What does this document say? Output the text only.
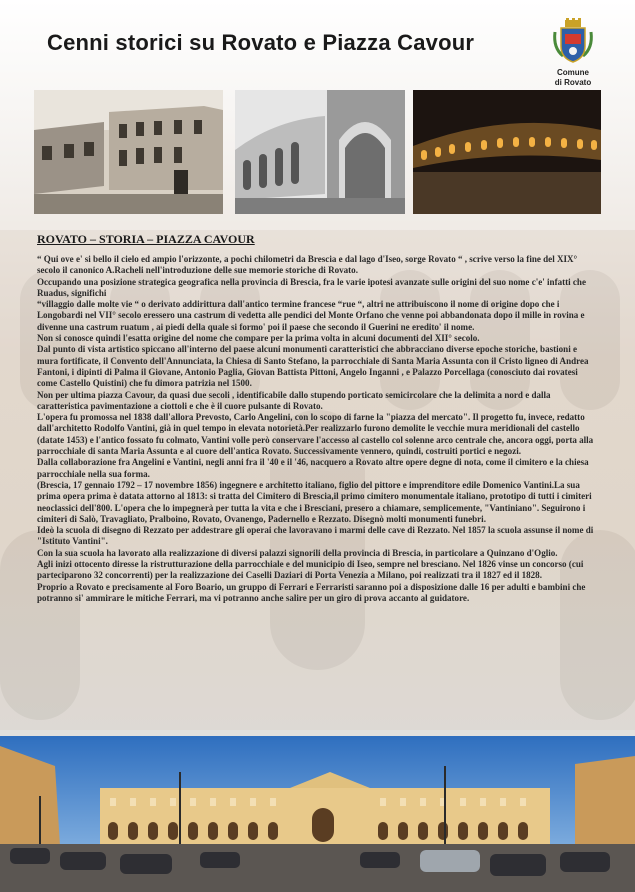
Cenni storici su Rovato e Piazza Cavour
Comune
di Rovato
ROVATO – STORIA – PIAZZA CAVOUR

“ Qui ove e' si bello il cielo ed ampio l'orizzonte, a pochi chilometri da Brescia e dal lago d'Iseo, sorge Rovato “ , scrive verso la fine del XIX° secolo il canonico A.Racheli nell'introduzione delle sue memorie storiche di Rovato.

Occupando una posizione strategica geografica nella provincia di Brescia, fra le varie ipotesi avanzate sulle origini del suo nome c'e' infatti che Ruadus, significhi

“villaggio dalle molte vie “ o derivato addirittura dall'antico termine francese “rue “, altri ne attribuiscono il nome di origine dopo che i Longobardi nel VII° secolo eressero una castrum di vedetta alle pendici del Monte Orfano che venne poi abbandonata dopo il mille in rovina e divenne una castrum ruatum , ai piedi della quale si formo' poi il paese che secondo il Guerini ne eredito' il nome.

Non si conosce quindi l'esatta origine del nome che compare per la prima volta in alcuni documenti del XII° secolo.

Dal punto di vista artistico spiccano all'interno del paese alcuni monumenti caratteristici che abbracciano diverse epoche storiche, bastioni e mura fortificate, il Convento dell'Annunciata, la Chiesa di Santo Stefano, la parrocchiale di Santa Maria Assunta con il Cristo ligneo di Andrea Fantoni, i dipinti di Palma il Giovane, Antonio Paglia, Giovan Battista Pittoni, Angelo Inganni , e Palazzo Porcellaga (conosciuto dai rovatesi come Castello Quistini) che fu dimora patrizia nel 1500.

Non per ultima piazza Cavour, da quasi due secoli , identificabile dallo stupendo porticato semicircolare che la delimita a nord e dalla caratteristica pavimentazione a ciottoli e che è il cuore pulsante di Rovato.

L'opera fu promossa nel 1838 dall'allora Prevosto, Carlo Angelini, con lo scopo di farne la "piazza del mercato". Il progetto fu, invece, redatto dall'architetto Rodolfo Vantini, già in quel tempo in elevata notorietà.Per realizzarlo furono demolite le vecchie mura meridionali del castello (datate 1453) e l'antico fossato fu colmato, Vantini volle però conservare l'accesso al castello col solenne arco centrale che, ancora oggi, porta alla parrocchiale di santa Maria Assunta e al cuore dell'antica Rovato. Successivamente vennero, quindi, costruiti portici e negozi.

Dalla collaborazione fra Angelini e Vantini, negli anni fra il '40 e il '46, nacquero a Rovato altre opere degne di nota, come il cimitero e la chiesa parrocchiale nella sua forma.

(Brescia, 17 gennaio 1792 – 17 novembre 1856) ingegnere e architetto italiano, figlio del pittore e imprenditore edile Domenico Vantini.La sua prima opera prima è datata attorno al 1813: si tratta del Cimitero di Brescia,il primo cimitero monumentale italiano, prototipo di tutti i cimiteri neoclassici dell'800. L'opera che lo impegnerà per tutta la vita e che i Bresciani, presero a chiamare, semplicemente, "Vantiniano". Seguirono i cimiteri di Salò, Travagliato, Pralboino, Rovato, Ovanengo, Padernello e Rezzato. Disegnò molti monumenti funebri.

Ideò la scuola di disegno di Rezzato per addestrare gli operai che lavoravano i marmi delle cave di Rezzato. Nel 1857 la scuola assunse il nome di "Istituto Vantini".

Con la sua scuola ha lavorato alla realizzazione di diversi palazzi signorili della provincia di Brescia, in particolare a Quinzano d'Oglio.

Agli inizi ottocento diresse la ristrutturazione della parrocchiale e del municipio di Iseo, sempre nel bresciano. Nel 1826 vinse un concorso (cui parteciparono 32 concorrenti) per la realizzazione dei Caselli Daziari di Porta Venezia a Milano, poi realizzati tra il 1827 ed il 1828.

Proprio a Rovato e precisamente al Foro Boario, un gruppo di Ferrari e Ferraristi saranno poi a disposizione dalle 16 per adulti e bambini che potranno si' ammirare le mitiche Ferrari, ma vi potranno anche salire per un giro di prova accanto al guidatore.
